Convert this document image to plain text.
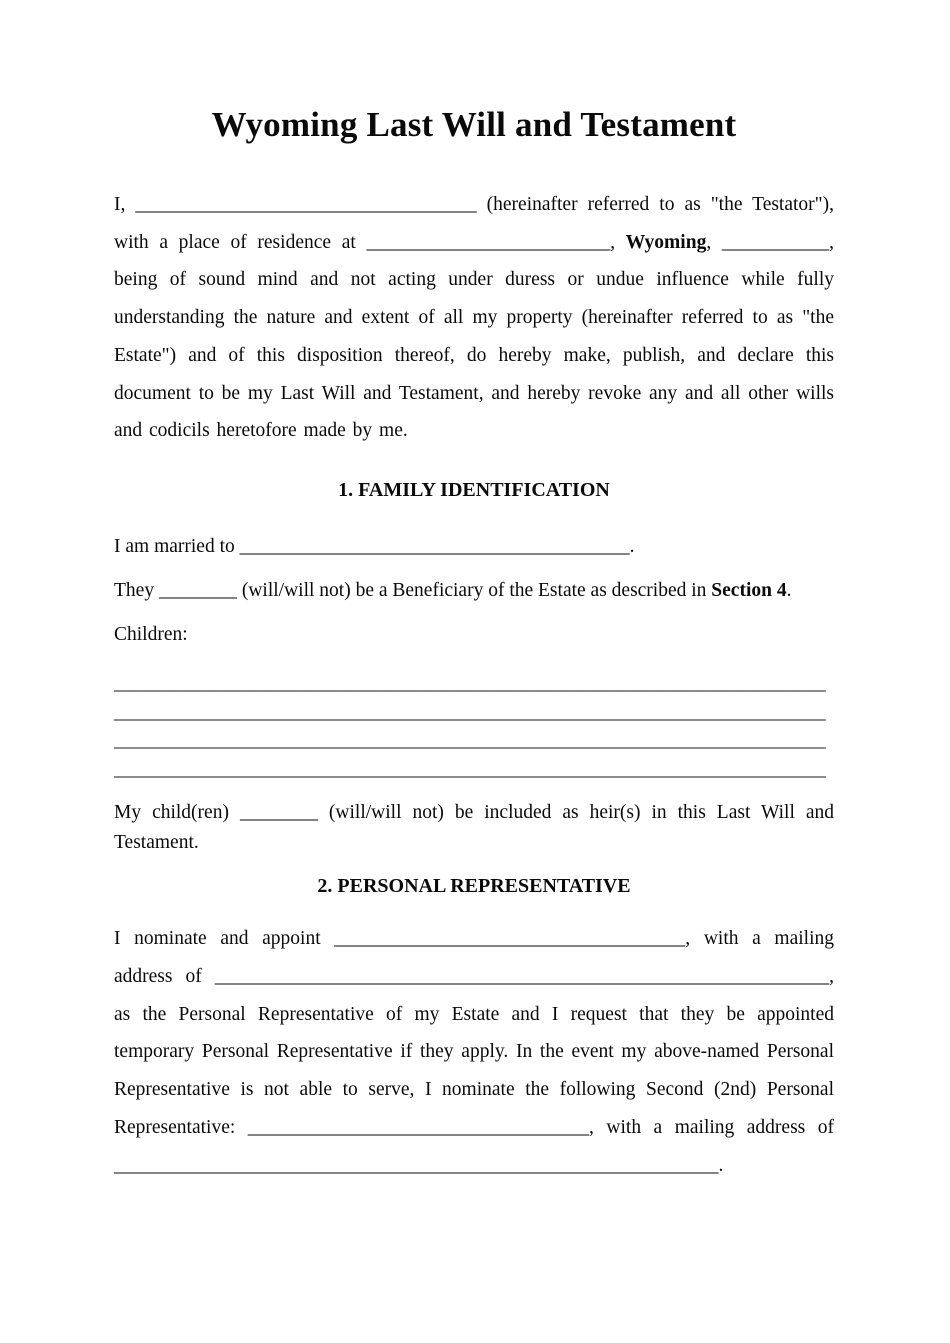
Wyoming Last Will and Testament

I, ___________________________________ (hereinafter referred to as "the Testator"), with a place of residence at _________________________, Wyoming, ___________, being of sound mind and not acting under duress or undue influence while fully understanding the nature and extent of all my property (hereinafter referred to as "the Estate") and of this disposition thereof, do hereby make, publish, and declare this document to be my Last Will and Testament, and hereby revoke any and all other wills and codicils heretofore made by me.

1. FAMILY IDENTIFICATION

I am married to ________________________________________.

They ________ (will/will not) be a Beneficiary of the Estate as described in Section 4.

Children:

_________________________________________________________________________

_________________________________________________________________________

_________________________________________________________________________

_________________________________________________________________________

My child(ren) ________ (will/will not) be included as heir(s) in this Last Will and Testament.

2. PERSONAL REPRESENTATIVE

I nominate and appoint ____________________________________, with a mailing address of _______________________________________________________________, as the Personal Representative of my Estate and I request that they be appointed temporary Personal Representative if they apply. In the event my above-named Personal Representative is not able to serve, I nominate the following Second (2nd) Personal Representative: ___________________________________, with a mailing address of ______________________________________________________________.
